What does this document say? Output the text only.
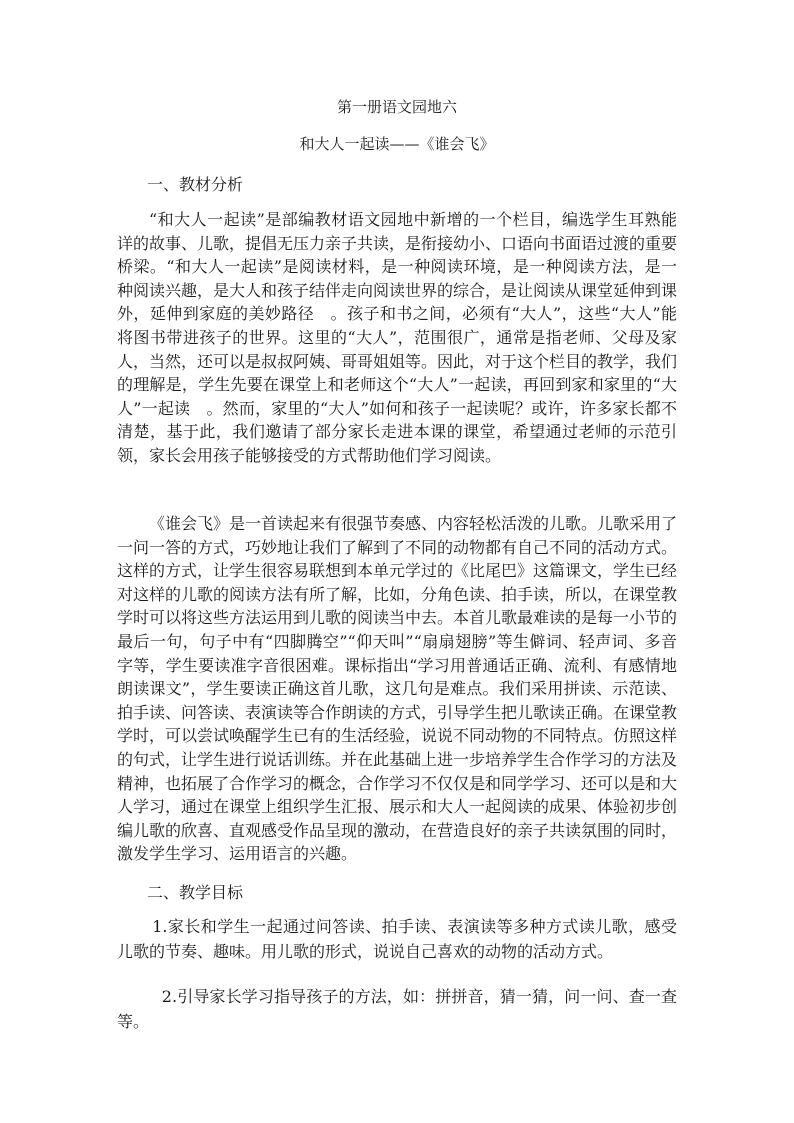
第一册语文园地六
和大人一起读——《谁会飞》
一、教材分析

“和大人一起读”是部编教材语文园地中新增的一个栏目，编选学生耳熟能详的故事、儿歌，提倡无压力亲子共读，是衔接幼小、口语向书面语过渡的重要桥梁。“和大人一起读”是阅读材料，是一种阅读环境，是一种阅读方法，是一种阅读兴趣，是大人和孩子结伴走向阅读世界的综合，是让阅读从课堂延伸到课外，延伸到家庭的美妙路径　。孩子和书之间，必须有“大人”，这些“大人”能将图书带进孩子的世界。这里的“大人”，范围很广，通常是指老师、父母及家人，当然，还可以是叔叔阿姨、哥哥姐姐等。因此，对于这个栏目的教学，我们的理解是，学生先要在课堂上和老师这个“大人”一起读，再回到家和家里的“大人”一起读　。然而，家里的“大人”如何和孩子一起读呢？或许，许多家长都不清楚，基于此，我们邀请了部分家长走进本课的课堂，希望通过老师的示范引领，家长会用孩子能够接受的方式帮助他们学习阅读。

《谁会飞》是一首读起来有很强节奏感、内容轻松活泼的儿歌。儿歌采用了一问一答的方式，巧妙地让我们了解到了不同的动物都有自己不同的活动方式。这样的方式，让学生很容易联想到本单元学过的《比尾巴》这篇课文，学生已经对这样的儿歌的阅读方法有所了解，比如，分角色读、拍手读，所以，在课堂教学时可以将这些方法运用到儿歌的阅读当中去。本首儿歌最难读的是每一小节的最后一句，句子中有“四脚腾空”“仰天叫”“扇扇翅膀”等生僻词、轻声词、多音字等，学生要读准字音很困难。课标指出“学习用普通话正确、流利、有感情地朗读课文”，学生要读正确这首儿歌，这几句是难点。我们采用拼读、示范读、拍手读、问答读、表演读等合作朗读的方式，引导学生把儿歌读正确。在课堂教学时，可以尝试唤醒学生已有的生活经验，说说不同动物的不同特点。仿照这样的句式，让学生进行说话训练。并在此基础上进一步培养学生合作学习的方法及精神，也拓展了合作学习的概念，合作学习不仅仅是和同学学习、还可以是和大人学习，通过在课堂上组织学生汇报、展示和大人一起阅读的成果、体验初步创编儿歌的欣喜、直观感受作品呈现的激动，在营造良好的亲子共读氛围的同时，激发学生学习、运用语言的兴趣。

二、教学目标

1.家长和学生一起通过问答读、拍手读、表演读等多种方式读儿歌，感受儿歌的节奏、趣味。用儿歌的形式，说说自己喜欢的动物的活动方式。

2.引导家长学习指导孩子的方法，如：拼拼音，猜一猜，问一问、查一查等。
